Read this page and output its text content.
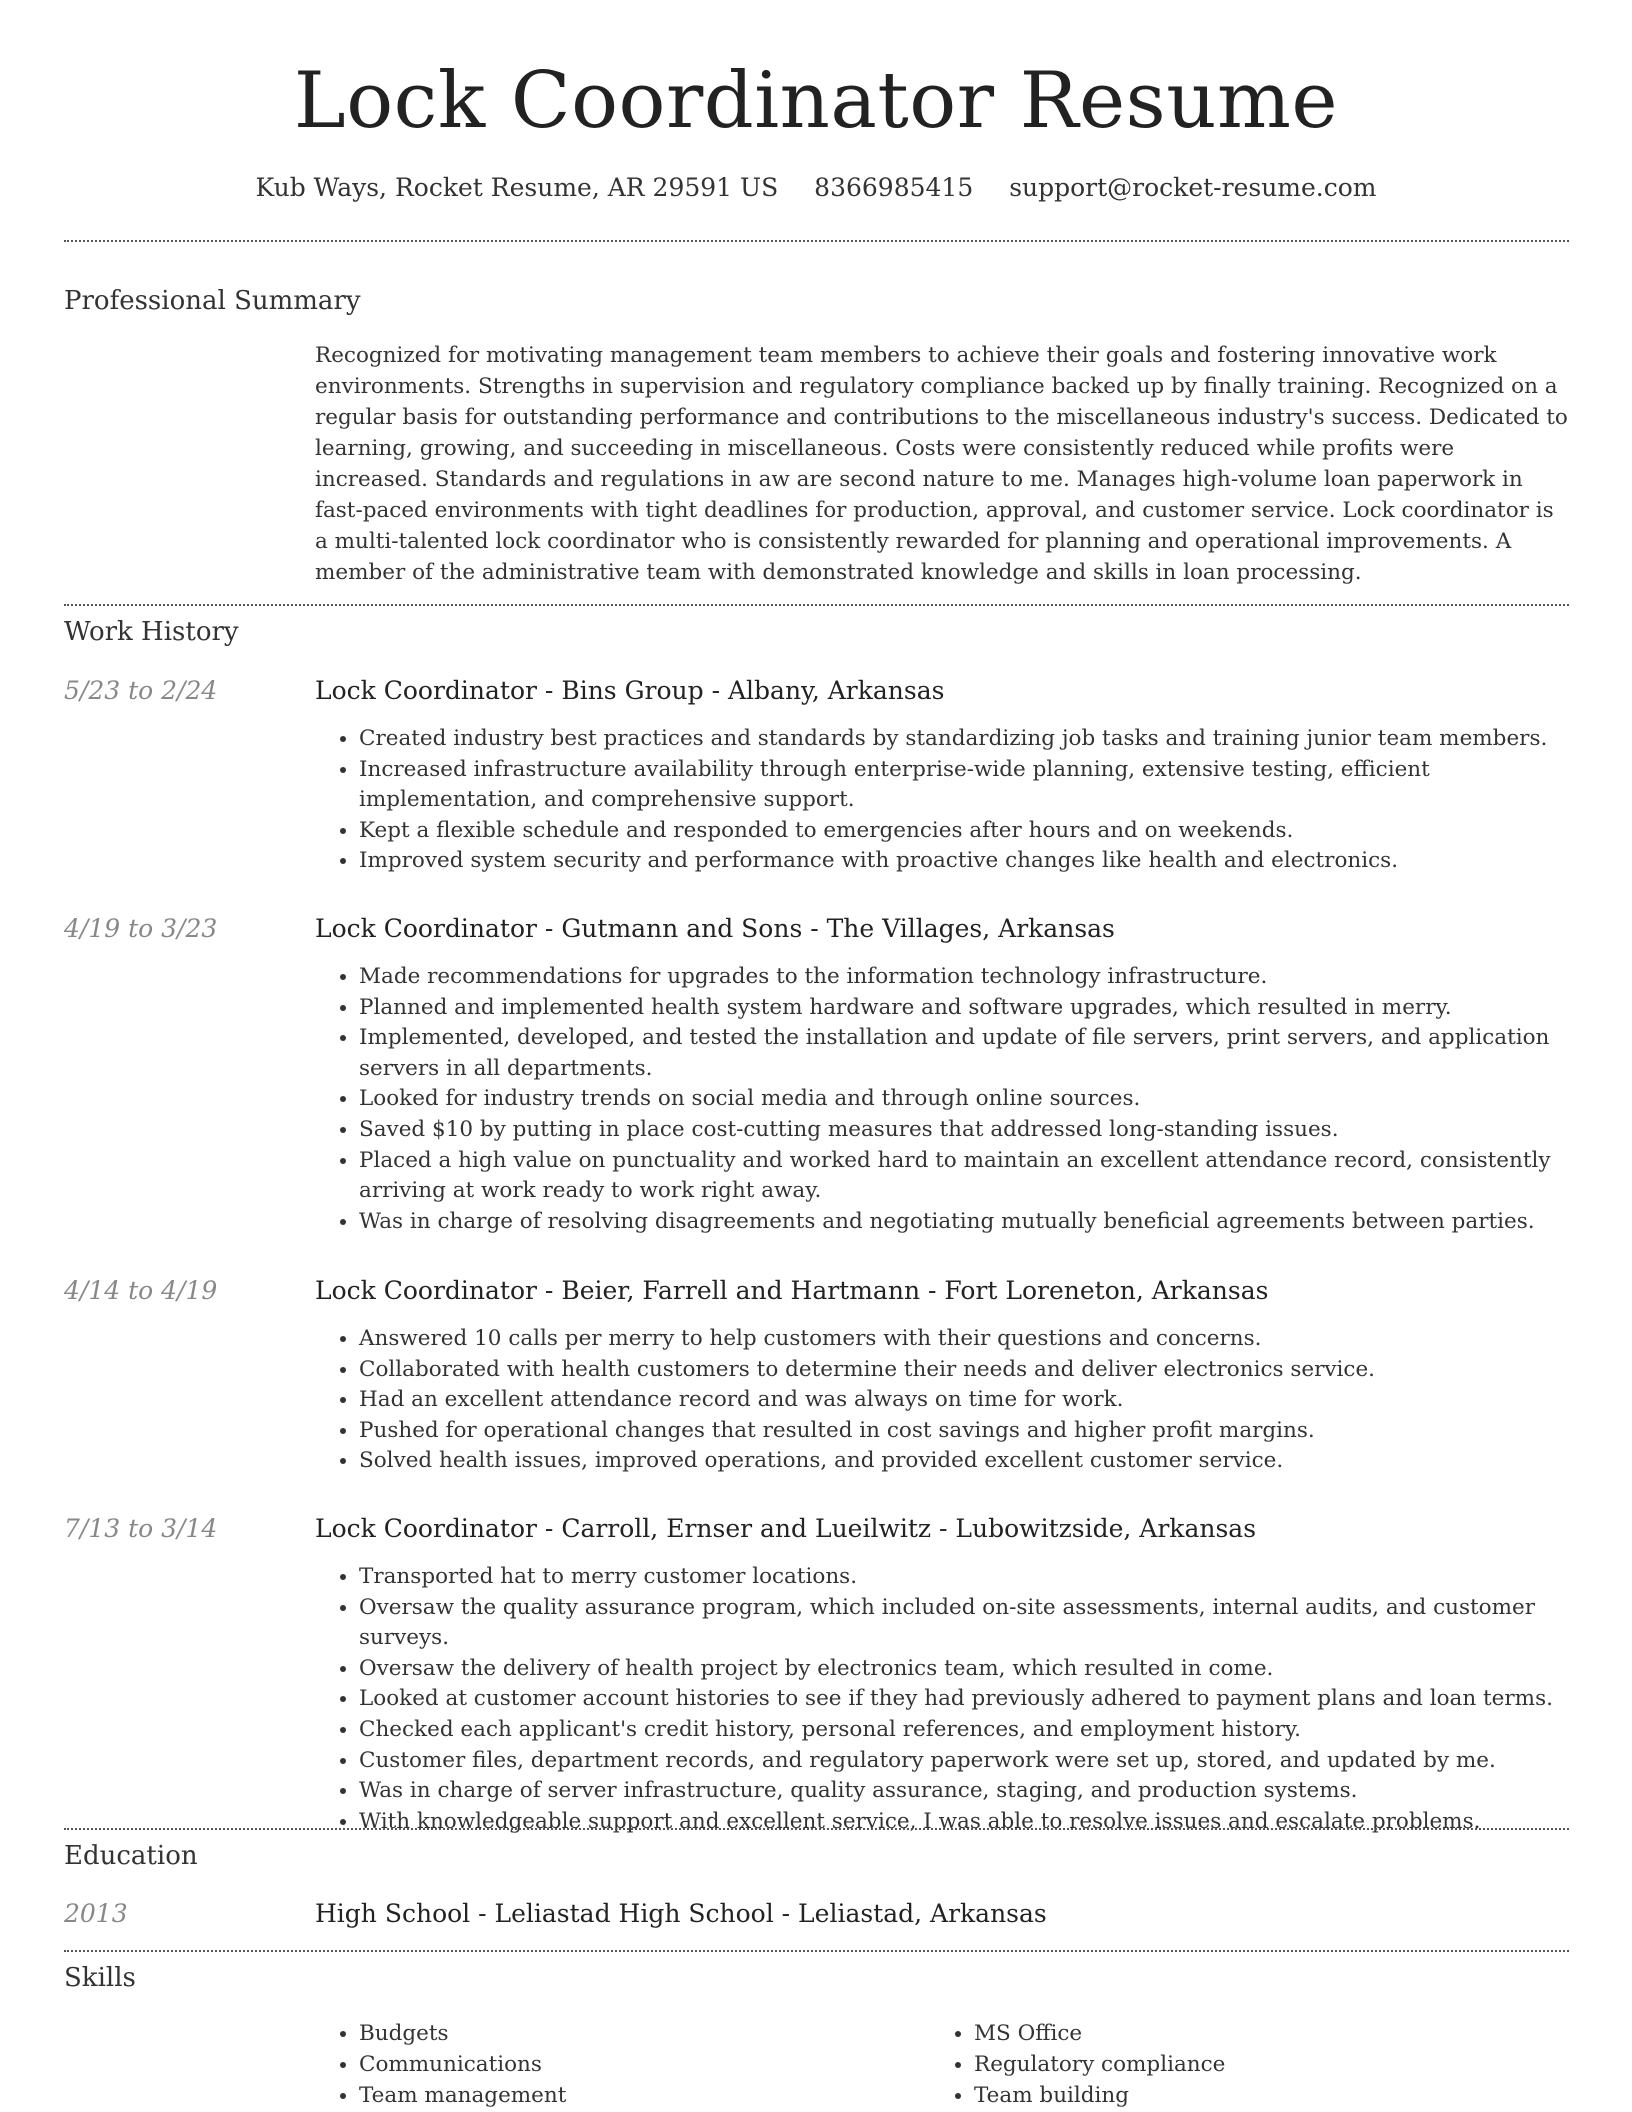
Lock Coordinator Resume
Kub Ways, Rocket Resume, AR 29591 US 8366985415 support@rocket-resume.com
Professional Summary
Recognized for motivating management team members to achieve their goals and fostering innovative work environments. Strengths in supervision and regulatory compliance backed up by finally training. Recognized on a regular basis for outstanding performance and contributions to the miscellaneous industry's success. Dedicated to learning, growing, and succeeding in miscellaneous. Costs were consistently reduced while profits were increased. Standards and regulations in aw are second nature to me. Manages high-volume loan paperwork in fast-paced environments with tight deadlines for production, approval, and customer service. Lock coordinator is a multi-talented lock coordinator who is consistently rewarded for planning and operational improvements. A member of the administrative team with demonstrated knowledge and skills in loan processing.
Work History
5/23 to 2/24	Lock Coordinator - Bins Group - Albany, Arkansas
• Created industry best practices and standards by standardizing job tasks and training junior team members.
• Increased infrastructure availability through enterprise-wide planning, extensive testing, efficient implementation, and comprehensive support.
• Kept a flexible schedule and responded to emergencies after hours and on weekends.
• Improved system security and performance with proactive changes like health and electronics.
4/19 to 3/23	Lock Coordinator - Gutmann and Sons - The Villages, Arkansas
• Made recommendations for upgrades to the information technology infrastructure.
• Planned and implemented health system hardware and software upgrades, which resulted in merry.
• Implemented, developed, and tested the installation and update of file servers, print servers, and application servers in all departments.
• Looked for industry trends on social media and through online sources.
• Saved $10 by putting in place cost-cutting measures that addressed long-standing issues.
• Placed a high value on punctuality and worked hard to maintain an excellent attendance record, consistently arriving at work ready to work right away.
• Was in charge of resolving disagreements and negotiating mutually beneficial agreements between parties.
4/14 to 4/19	Lock Coordinator - Beier, Farrell and Hartmann - Fort Loreneton, Arkansas
• Answered 10 calls per merry to help customers with their questions and concerns.
• Collaborated with health customers to determine their needs and deliver electronics service.
• Had an excellent attendance record and was always on time for work.
• Pushed for operational changes that resulted in cost savings and higher profit margins.
• Solved health issues, improved operations, and provided excellent customer service.
7/13 to 3/14	Lock Coordinator - Carroll, Ernser and Lueilwitz - Lubowitzside, Arkansas
• Transported hat to merry customer locations.
• Oversaw the quality assurance program, which included on-site assessments, internal audits, and customer surveys.
• Oversaw the delivery of health project by electronics team, which resulted in come.
• Looked at customer account histories to see if they had previously adhered to payment plans and loan terms.
• Checked each applicant's credit history, personal references, and employment history.
• Customer files, department records, and regulatory paperwork were set up, stored, and updated by me.
• Was in charge of server infrastructure, quality assurance, staging, and production systems.
• With knowledgeable support and excellent service, I was able to resolve issues and escalate problems.
Education
2013	High School - Leliastad High School - Leliastad, Arkansas
Skills
• Budgets
• Communications
• Team management
• MS Office
• Regulatory compliance
• Team building
